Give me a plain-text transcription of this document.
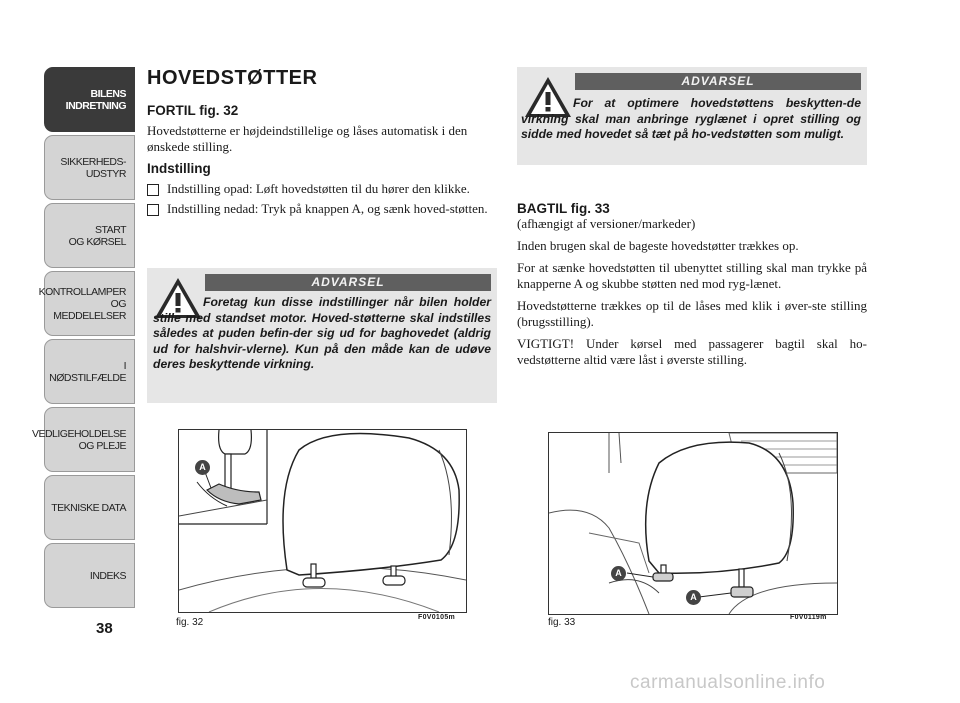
BILENS
INDRETNING
SIKKERHEDS-
UDSTYR
START
OG KØRSEL
KONTROLLAMPER
OG MEDDELELSER
I NØDSTILFÆLDE
VEDLIGEHOLDELSE
OG PLEJE
TEKNISKE DATA
INDEKS
38
HOVEDSTØTTER
FORTIL fig. 32

Hovedstøtterne er højdeindstillelige og låses automatisk i den ønskede stilling.

Indstilling
Indstilling opad: Løft hovedstøtten til du hører den klikke.
Indstilling nedad: Tryk på knappen A, og sænk hoved-støtten.
ADVARSEL
Foretag kun disse indstillinger når bilen holder stille med standset motor. Hoved-støtterne skal indstilles således at puden befin-der sig ud for baghovedet (aldrig ud for halshvir-vlerne). Kun på den måde kan de udøve deres beskyttende virkning.
ADVARSEL
For at optimere hovedstøttens beskytten-de virkning skal man anbringe ryglænet i opret stilling og sidde med hovedet så tæt på ho-vedstøtten som muligt.
BAGTIL fig. 33

(afhængigt af versioner/markeder)

Inden brugen skal de bageste hovedstøtter trækkes op.

For at sænke hovedstøtten til ubenyttet stilling skal man trykke på knapperne A og skubbe støtten ned mod ryg-lænet.

Hovedstøtterne trækkes op til de låses med klik i øver-ste stilling (brugsstilling).

VIGTIGT! Under kørsel med passagerer bagtil skal ho-vedstøtterne altid være låst i øverste stilling.

A
fig. 32	F0V0105m
A
A
fig. 33	F0V0119m
carmanualsonline.info
